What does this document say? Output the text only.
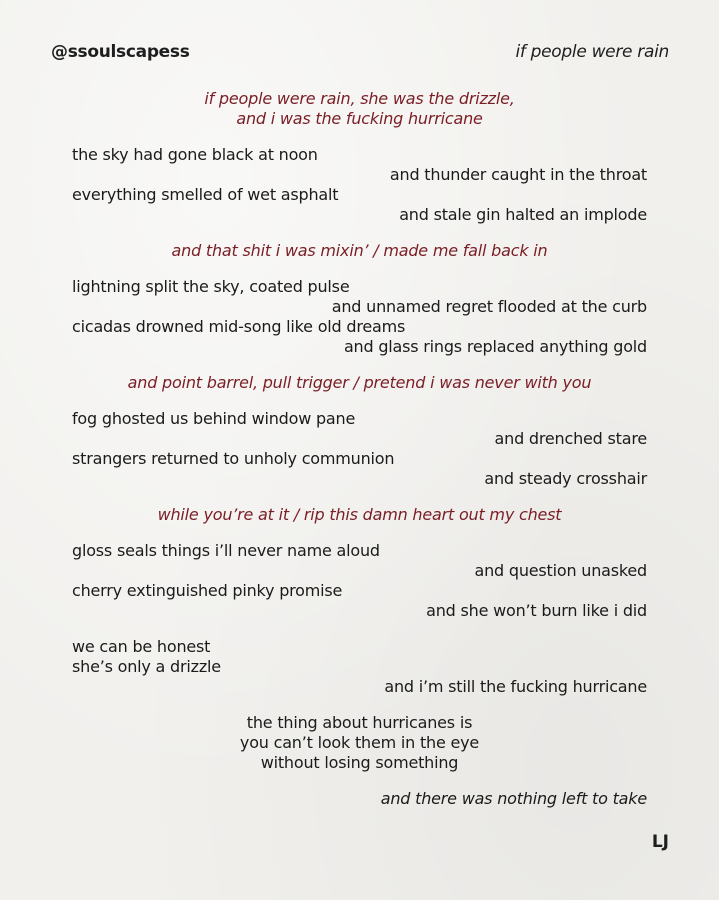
@ssoulscapess	if people were rain
if people were rain, she was the drizzle,
and i was the fucking hurricane
the sky had gone black at noon
and thunder caught in the throat
everything smelled of wet asphalt
and stale gin halted an implode
and that shit i was mixin’ / made me fall back in
lightning split the sky, coated pulse
and unnamed regret flooded at the curb
cicadas drowned mid-song like old dreams
and glass rings replaced anything gold
and point barrel, pull trigger / pretend i was never with you
fog ghosted us behind window pane
and drenched stare
strangers returned to unholy communion
and steady crosshair
while you’re at it / rip this damn heart out my chest
gloss seals things i’ll never name aloud
and question unasked
cherry extinguished pinky promise
and she won’t burn like i did
we can be honest
she’s only a drizzle
and i’m still the fucking hurricane
the thing about hurricanes is
you can’t look them in the eye
without losing something
and there was nothing left to take
LJ
